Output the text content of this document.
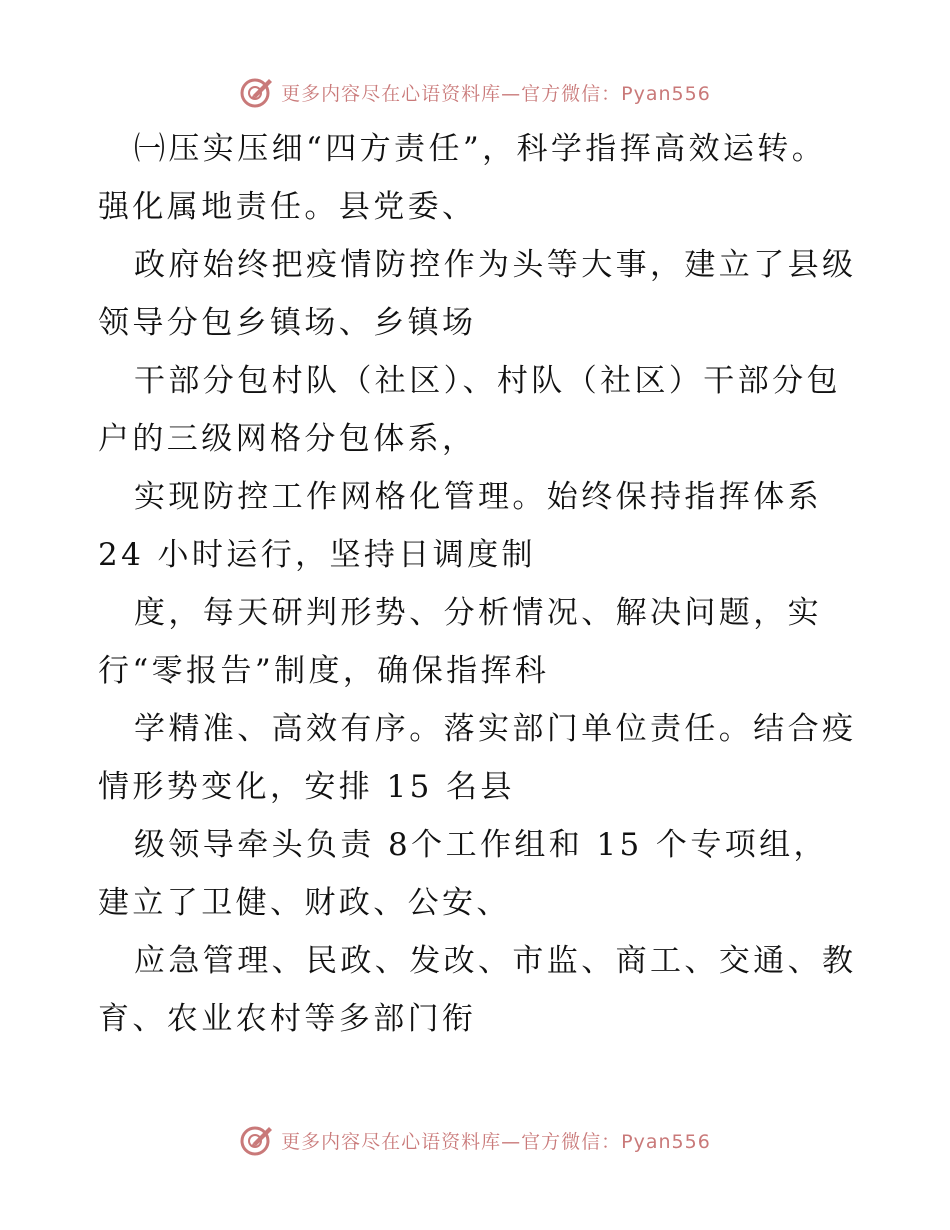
更多内容尽在心语资料库—官方微信：Pyan556
㈠压实压细“四方责任”，科学指挥高效运转。
强化属地责任。县党委、
政府始终把疫情防控作为头等大事，建立了县级
领导分包乡镇场、乡镇场
干部分包村队（社区）、村队（社区）干部分包
户的三级网格分包体系，
实现防控工作网格化管理。始终保持指挥体系
24 小时运行，坚持日调度制
度，每天研判形势、分析情况、解决问题，实
行“零报告”制度，确保指挥科
学精准、高效有序。落实部门单位责任。结合疫
情形势变化，安排 15 名县
级领导牵头负责 8个工作组和 15 个专项组，
建立了卫健、财政、公安、
应急管理、民政、发改、市监、商工、交通、教
育、农业农村等多部门衔
更多内容尽在心语资料库—官方微信：Pyan556
